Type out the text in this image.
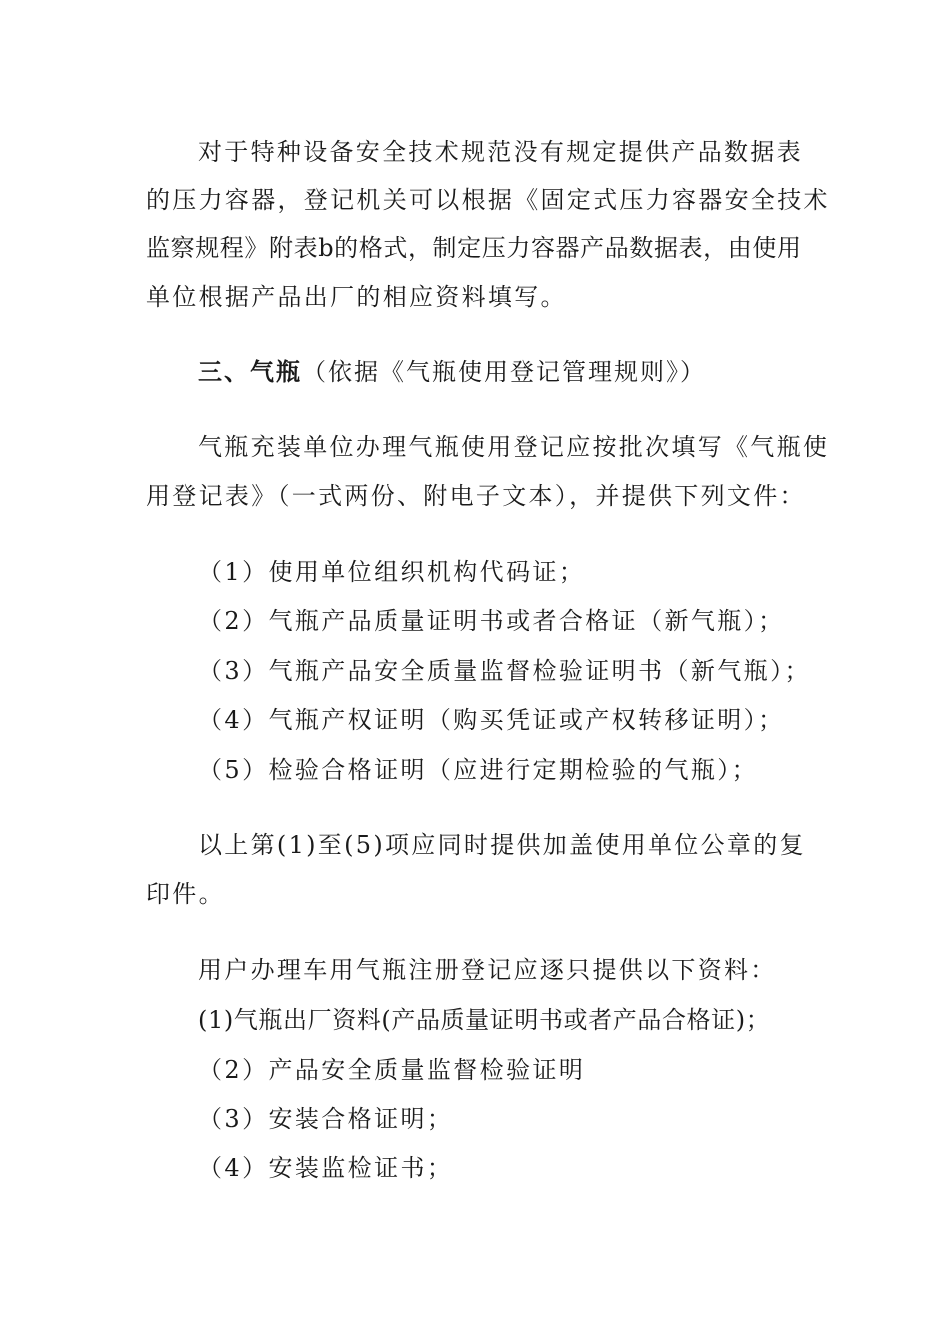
对于特种设备安全技术规范没有规定提供产品数据表
的压力容器，登记机关可以根据《固定式压力容器安全技术
监察规程》附表b的格式，制定压力容器产品数据表，由使用
单位根据产品出厂的相应资料填写。
三、气瓶（依据《气瓶使用登记管理规则》）
气瓶充装单位办理气瓶使用登记应按批次填写《气瓶使
用登记表》（一式两份、附电子文本），并提供下列文件：
（1）使用单位组织机构代码证；
（2）气瓶产品质量证明书或者合格证（新气瓶）；
（3）气瓶产品安全质量监督检验证明书（新气瓶）；
（4）气瓶产权证明（购买凭证或产权转移证明）；
（5）检验合格证明（应进行定期检验的气瓶）；
以上第(1)至(5)项应同时提供加盖使用单位公章的复
印件。
用户办理车用气瓶注册登记应逐只提供以下资料：
(1)气瓶出厂资料(产品质量证明书或者产品合格证)；
（2）产品安全质量监督检验证明
（3）安装合格证明；
（4）安装监检证书；
